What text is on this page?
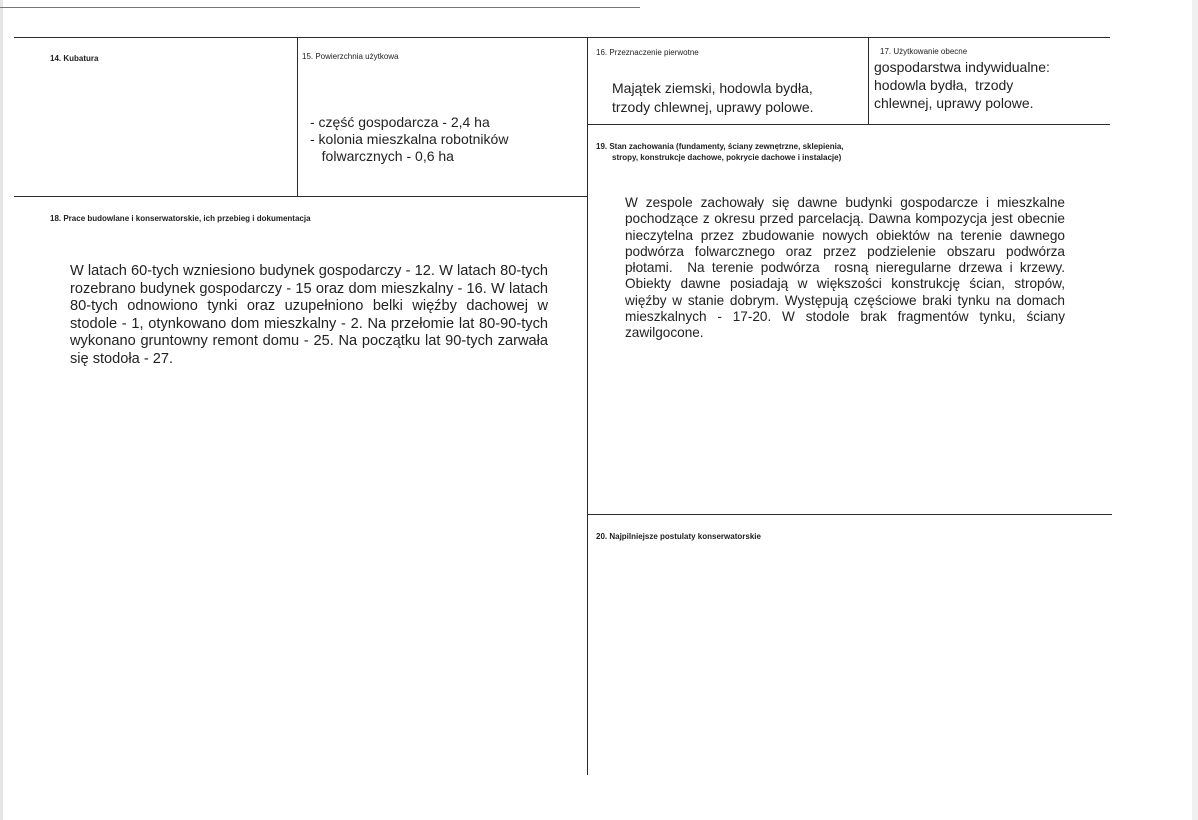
14. Kubatura	15. Powierzchnia użytkowa
- część gospodarcza - 2,4 ha
- kolonia mieszkalna robotników
folwarcznych - 0,6 ha
16. Przeznaczenie pierwotne
Majątek ziemski, hodowla bydła,
trzody chlewnej, uprawy polowe.
17. Użytkowanie obecne
gospodarstwa indywidualne:
hodowla bydła,  trzody
chlewnej, uprawy polowe.
18. Prace budowlane i konserwatorskie, ich przebieg i dokumentacja
W latach 60-tych wzniesiono budynek gospodarczy - 12. W latach 80-tych rozebrano budynek gospodarczy - 15 oraz dom mieszkalny - 16. W latach 80-tych odnowiono tynki oraz uzupełniono belki więźby dachowej w stodole - 1, otynkowano dom mieszkalny - 2. Na przełomie lat 80-90-tych wykonano gruntowny remont domu - 25. Na początku lat 90-tych zarwała się stodoła - 27.
19. Stan zachowania (fundamenty, ściany zewnętrzne, sklepienia,
stropy, konstrukcje dachowe, pokrycie dachowe i instalacje)
W zespole zachowały się dawne budynki gospodarcze i mieszkalne pochodzące z okresu przed parcelacją. Dawna kompozycja jest obecnie nieczytelna przez zbudowanie nowych obiektów na terenie dawnego podwórza folwarcznego oraz przez podzielenie obszaru podwórza płotami.  Na terenie podwórza  rosną nieregularne drzewa i krzewy. Obiekty dawne posiadają w większości konstrukcję ścian, stropów, więźby w stanie dobrym. Występują częściowe braki tynku na domach mieszkalnych - 17-20. W stodole brak fragmentów tynku, ściany zawilgocone.
20. Najpilniejsze postulaty konserwatorskie
